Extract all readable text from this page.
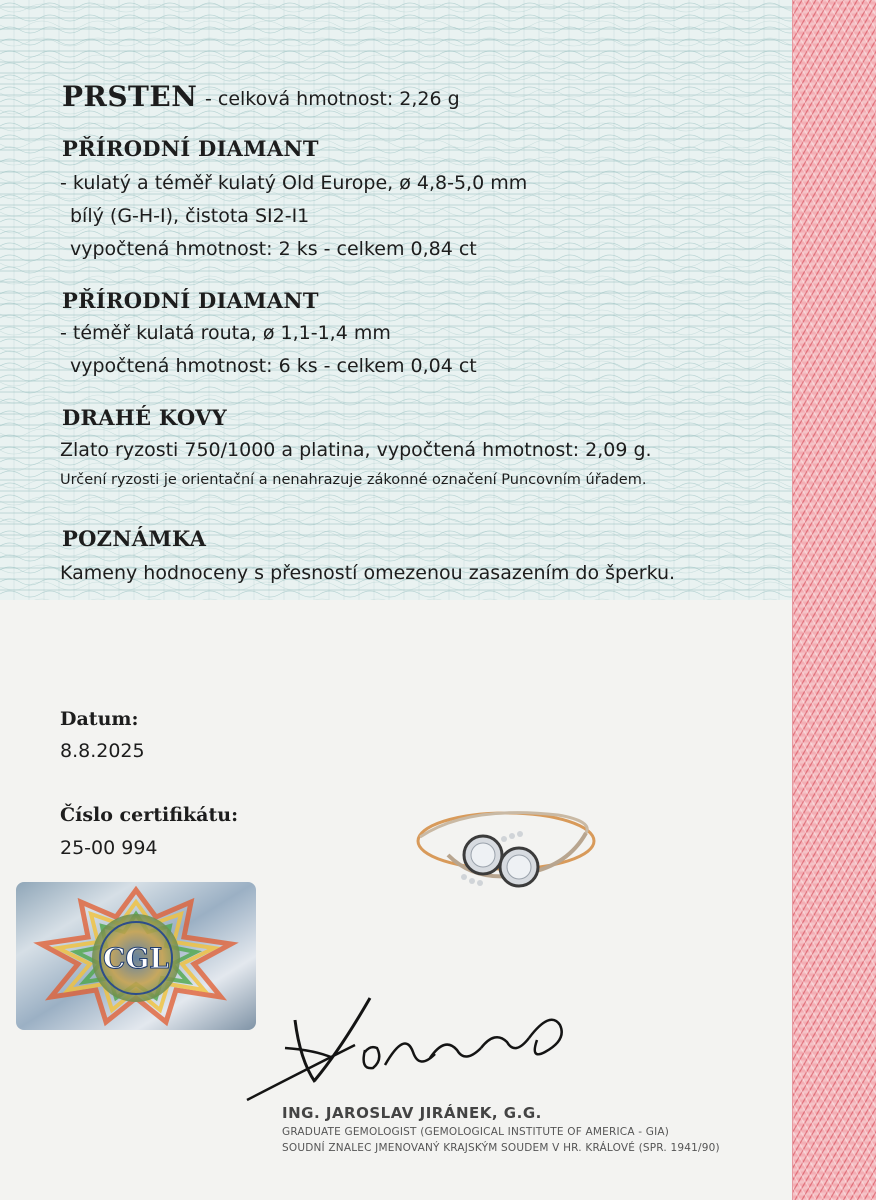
PRSTEN - celková hmotnost: 2,26 g

PŘÍRODNÍ DIAMANT

- kulatý a téměř kulatý Old Europe, ø 4,8-5,0 mm

bílý (G-H-I), čistota SI2-I1

vypočtená hmotnost: 2 ks - celkem 0,84 ct

PŘÍRODNÍ DIAMANT

- téměř kulatá routa, ø 1,1-1,4 mm

vypočtená hmotnost: 6 ks - celkem 0,04 ct

DRAHÉ KOVY

Zlato ryzosti 750/1000 a platina, vypočtená hmotnost: 2,09 g.

Určení ryzosti je orientační a nenahrazuje zákonné označení Puncovním úřadem.

POZNÁMKA

Kameny hodnoceny s přesností omezenou zasazením do šperku.

Datum:

8.8.2025

Číslo certifikátu:

25-00 994

CGL

ING. JAROSLAV JIRÁNEK, G.G.

GRADUATE GEMOLOGIST (GEMOLOGICAL INSTITUTE OF AMERICA - GIA)

SOUDNÍ ZNALEC JMENOVANÝ KRAJSKÝM SOUDEM V HR. KRÁLOVÉ (SPR. 1941/90)
